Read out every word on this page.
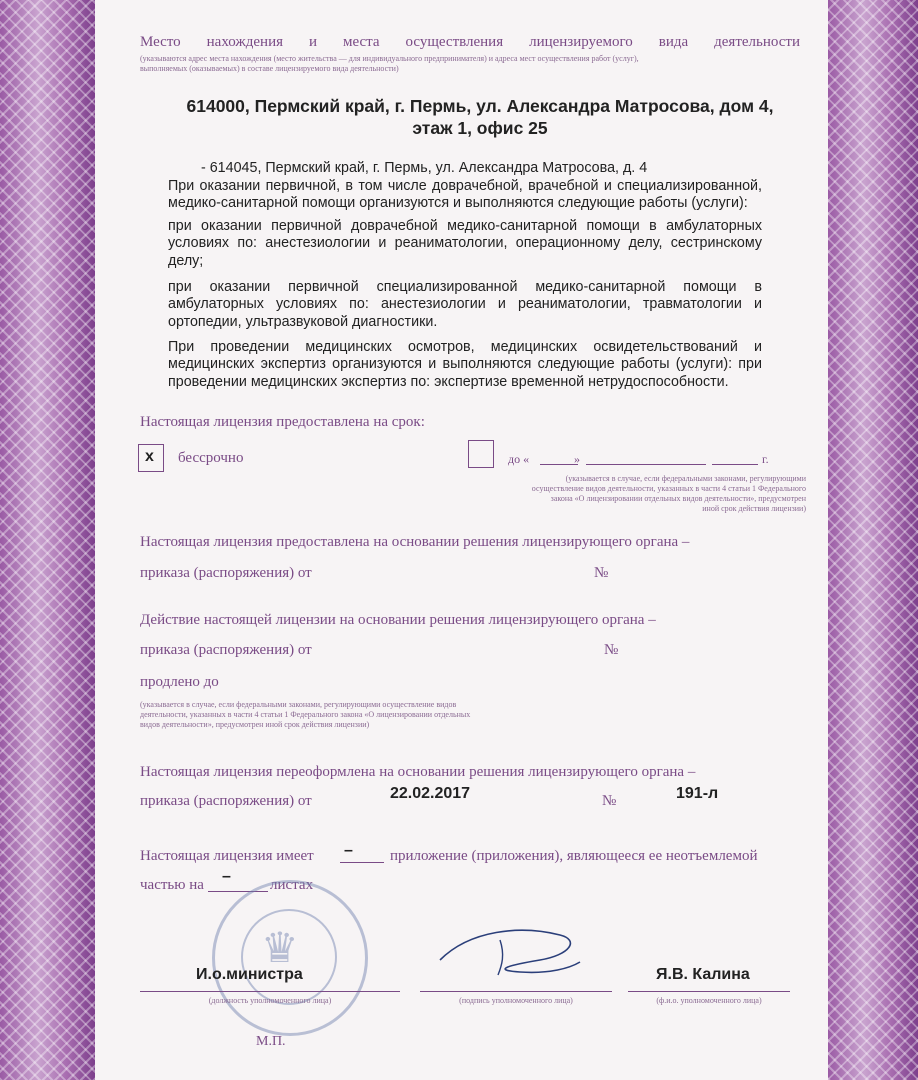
Место нахождения и места осуществления лицензируемого вида деятельности
(указываются адрес места нахождения (место жительства — для индивидуального предпринимателя) и адреса мест осуществления работ (услуг),
выполняемых (оказываемых) в составе лицензируемого вида деятельности)
614000, Пермский край, г. Пермь, ул. Александра Матросова, дом 4,
этаж 1, офис 25
- 614045, Пермский край, г. Пермь, ул. Александра Матросова, д. 4
При оказании первичной, в том числе доврачебной, врачебной и специализированной, медико-санитарной помощи организуются и выполняются следующие работы (услуги):
при оказании первичной доврачебной медико-санитарной помощи в амбулаторных условиях по: анестезиологии и реаниматологии, операционному делу, сестринскому делу;
при оказании первичной специализированной медико-санитарной помощи в амбулаторных условиях по: анестезиологии и реаниматологии, травматологии и ортопедии, ультразвуковой диагностики.
При проведении медицинских осмотров, медицинских освидетельствований и медицинских экспертиз организуются и выполняются следующие работы (услуги): при проведении медицинских экспертиз по: экспертизе временной нетрудоспособности.
Настоящая лицензия предоставлена на срок:
x бессрочно	до «	»	г.
(указывается в случае, если федеральными законами, регулирующими
осуществление видов деятельности, указанных в части 4 статьи 1 Федерального
закона «О лицензировании отдельных видов деятельности», предусмотрен
иной срок действия лицензии)
Настоящая лицензия предоставлена на основании решения лицензирующего органа –
приказа (распоряжения) от	№
Действие настоящей лицензии на основании решения лицензирующего органа –
приказа (распоряжения) от	№
продлено до
(указывается в случае, если федеральными законами, регулирующими осуществление видов
деятельности, указанных в части 4 статьи 1 Федерального закона «О лицензировании отдельных
видов деятельности», предусмотрен иной срок действия лицензии)
Настоящая лицензия переоформлена на основании решения лицензирующего органа –
приказа (распоряжения) от	22.02.2017	№	191-л
Настоящая лицензия имеет – приложение (приложения), являющееся ее неотъемлемой
частью на –	листах
♛
И.о.министра
(должность уполномоченного лица)	(подпись уполномоченного лица)
Я.В. Калина
(ф.и.о. уполномоченного лица)
М.П.
